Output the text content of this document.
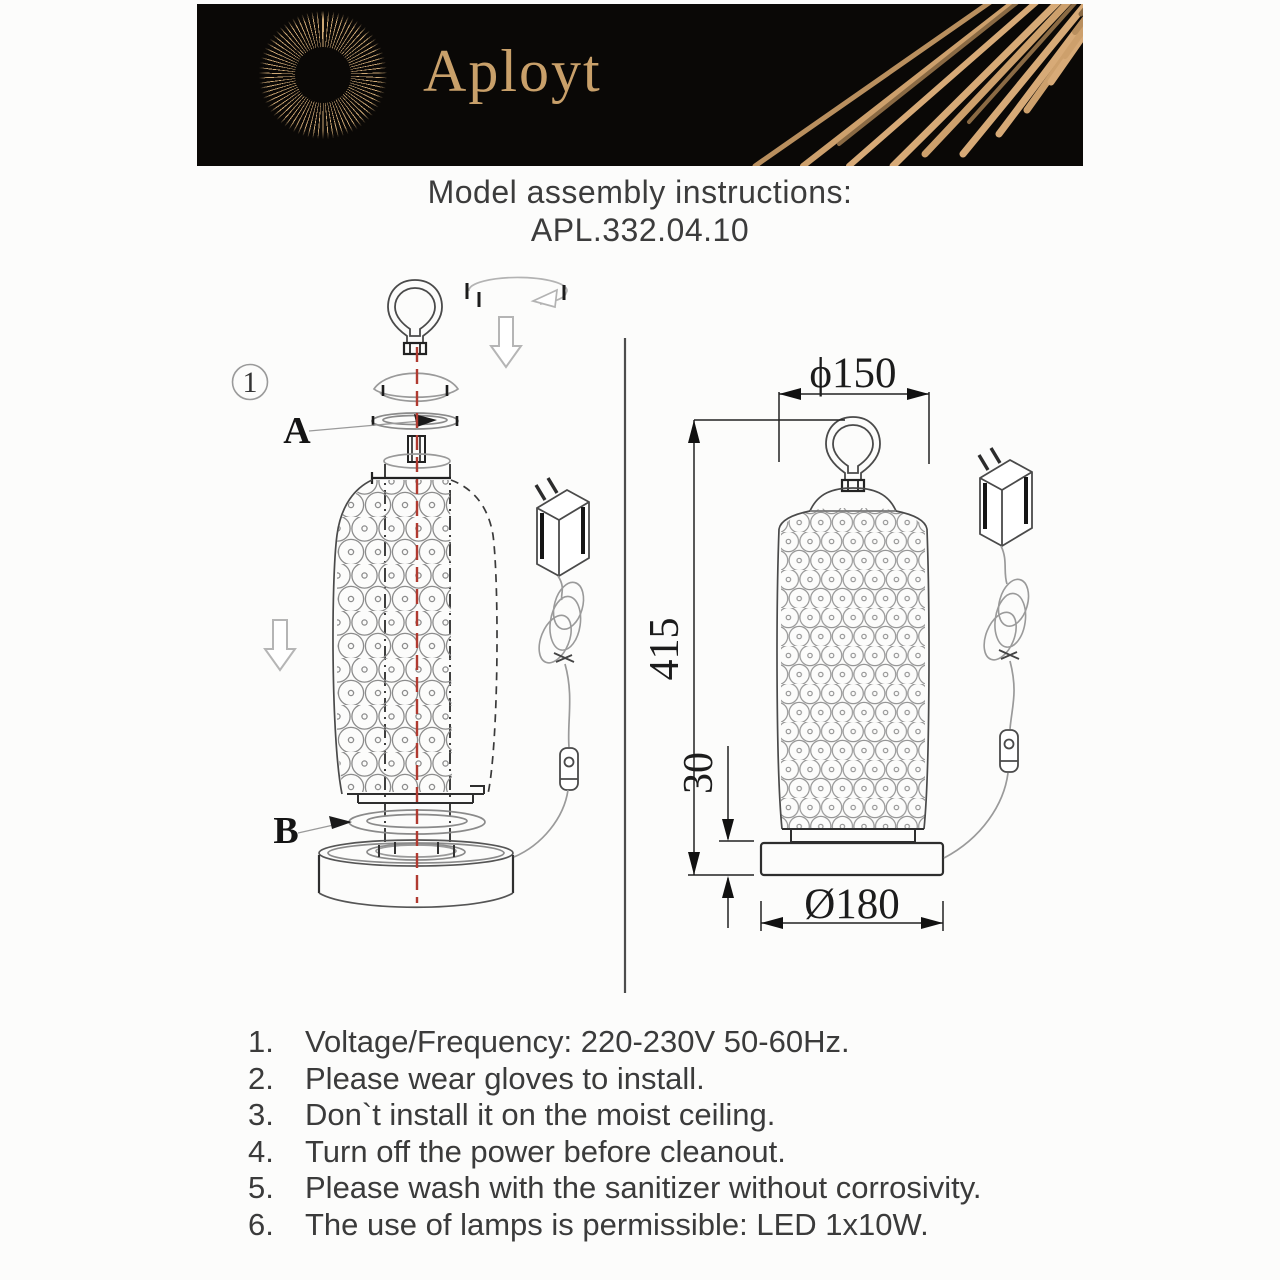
Aployt
Model assembly instructions:
APL.332.04.10
1
A
B
ϕ150
415
30
Ø180
1.	Voltage/Frequency: 220-230V 50-60Hz.
2.	Please wear gloves to install.
3.	Don`t install it on the moist ceiling.
4.	Turn off the power before cleanout.
5.	Please wash with the sanitizer without corrosivity.
6.	The use of lamps is permissible: LED 1x10W.
